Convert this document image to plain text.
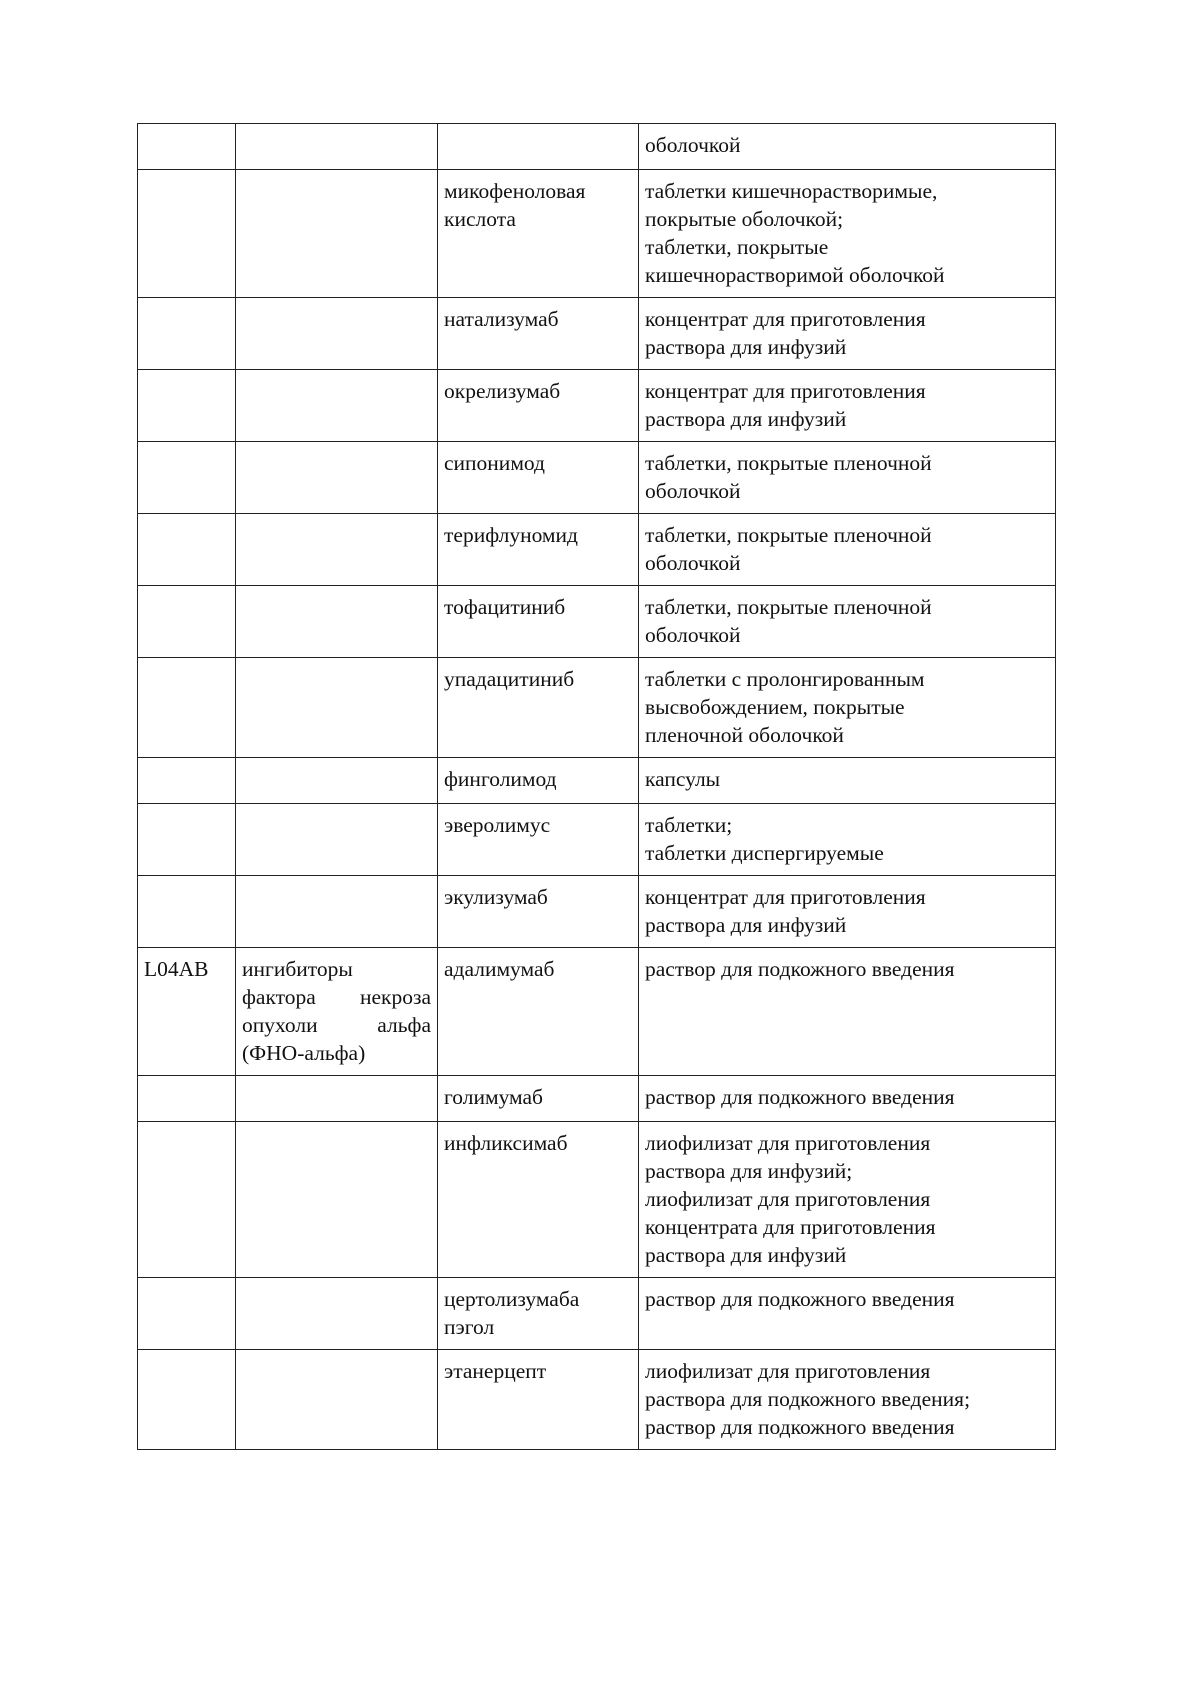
			оболочкой

		микофеноловая
кислота	таблетки кишечнорастворимые,
покрытые оболочкой;
таблетки, покрытые
кишечнорастворимой оболочкой

		натализумаб	концентрат для приготовления
раствора для инфузий

		окрелизумаб	концентрат для приготовления
раствора для инфузий

		сипонимод	таблетки, покрытые пленочной
оболочкой

		терифлуномид	таблетки, покрытые пленочной
оболочкой

		тофацитиниб	таблетки, покрытые пленочной
оболочкой

		упадацитиниб	таблетки с пролонгированным
высвобождением, покрытые
пленочной оболочкой

		финголимод	капсулы

		эверолимус	таблетки;
таблетки диспергируемые

		экулизумаб	концентрат для приготовления
раствора для инфузий

L04AB	ингибиторы фактора некроза опухоли альфа (ФНО-альфа)	адалимумаб	раствор для подкожного введения

		голимумаб	раствор для подкожного введения

		инфликсимаб	лиофилизат для приготовления
раствора для инфузий;
лиофилизат для приготовления
концентрата для приготовления
раствора для инфузий

		цертолизумаба
пэгол	раствор для подкожного введения

		этанерцепт	лиофилизат для приготовления
раствора для подкожного введения;
раствор для подкожного введения
